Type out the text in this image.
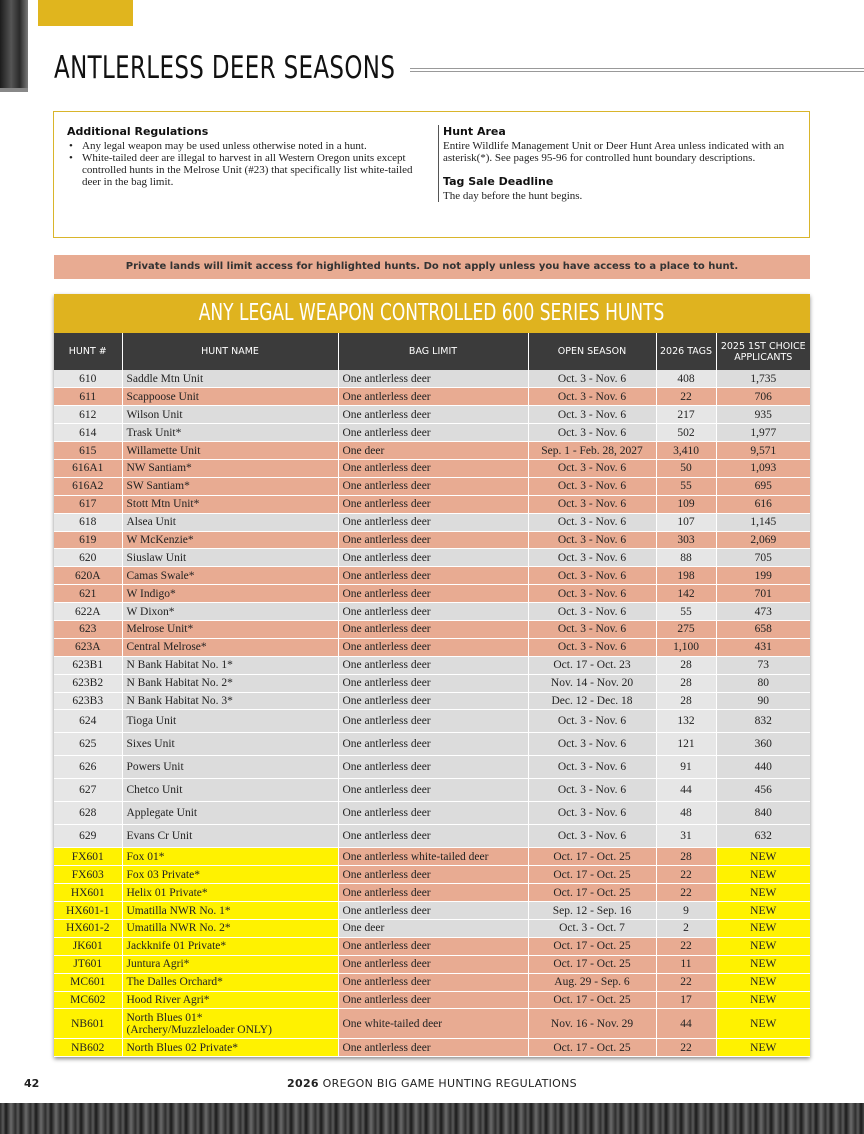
ANTLERLESS DEER SEASONS
Additional Regulations
• Any legal weapon may be used unless otherwise noted in a hunt.
• White-tailed deer are illegal to harvest in all Western Oregon units except controlled hunts in the Melrose Unit (#23) that specifically list white-tailed deer in the bag limit.
Hunt Area
Entire Wildlife Management Unit or Deer Hunt Area unless indicated with an asterisk(*). See pages 95-96 for controlled hunt boundary descriptions.
Tag Sale Deadline
The day before the hunt begins.
Private lands will limit access for highlighted hunts. Do not apply unless you have access to a place to hunt.
ANY LEGAL WEAPON CONTROLLED 600 SERIES HUNTS
HUNT #	HUNT NAME	BAG LIMIT	OPEN SEASON	2026 TAGS	2025 1ST CHOICE APPLICANTS
610	Saddle Mtn Unit	One antlerless deer	Oct. 3 - Nov. 6	408	1,735
611	Scappoose Unit	One antlerless deer	Oct. 3 - Nov. 6	22	706
612	Wilson Unit	One antlerless deer	Oct. 3 - Nov. 6	217	935
614	Trask Unit*	One antlerless deer	Oct. 3 - Nov. 6	502	1,977
615	Willamette Unit	One deer	Sep. 1 - Feb. 28, 2027	3,410	9,571
616A1	NW Santiam*	One antlerless deer	Oct. 3 - Nov. 6	50	1,093
616A2	SW Santiam*	One antlerless deer	Oct. 3 - Nov. 6	55	695
617	Stott Mtn Unit*	One antlerless deer	Oct. 3 - Nov. 6	109	616
618	Alsea Unit	One antlerless deer	Oct. 3 - Nov. 6	107	1,145
619	W McKenzie*	One antlerless deer	Oct. 3 - Nov. 6	303	2,069
620	Siuslaw Unit	One antlerless deer	Oct. 3 - Nov. 6	88	705
620A	Camas Swale*	One antlerless deer	Oct. 3 - Nov. 6	198	199
621	W Indigo*	One antlerless deer	Oct. 3 - Nov. 6	142	701
622A	W Dixon*	One antlerless deer	Oct. 3 - Nov. 6	55	473
623	Melrose Unit*	One antlerless deer	Oct. 3 - Nov. 6	275	658
623A	Central Melrose*	One antlerless deer	Oct. 3 - Nov. 6	1,100	431
623B1	N Bank Habitat No. 1*	One antlerless deer	Oct. 17 - Oct. 23	28	73
623B2	N Bank Habitat No. 2*	One antlerless deer	Nov. 14 - Nov. 20	28	80
623B3	N Bank Habitat No. 3*	One antlerless deer	Dec. 12 - Dec. 18	28	90
624	Tioga Unit	One antlerless deer	Oct. 3 - Nov. 6	132	832
625	Sixes Unit	One antlerless deer	Oct. 3 - Nov. 6	121	360
626	Powers Unit	One antlerless deer	Oct. 3 - Nov. 6	91	440
627	Chetco Unit	One antlerless deer	Oct. 3 - Nov. 6	44	456
628	Applegate Unit	One antlerless deer	Oct. 3 - Nov. 6	48	840
629	Evans Cr Unit	One antlerless deer	Oct. 3 - Nov. 6	31	632
FX601	Fox 01*	One antlerless white-tailed deer	Oct. 17 - Oct. 25	28	NEW
FX603	Fox 03 Private*	One antlerless deer	Oct. 17 - Oct. 25	22	NEW
HX601	Helix 01 Private*	One antlerless deer	Oct. 17 - Oct. 25	22	NEW
HX601-1	Umatilla NWR No. 1*	One antlerless deer	Sep. 12 - Sep. 16	9	NEW
HX601-2	Umatilla NWR No. 2*	One deer	Oct. 3 - Oct. 7	2	NEW
JK601	Jackknife 01 Private*	One antlerless deer	Oct. 17 - Oct. 25	22	NEW
JT601	Juntura Agri*	One antlerless deer	Oct. 17 - Oct. 25	11	NEW
MC601	The Dalles Orchard*	One antlerless deer	Aug. 29 - Sep. 6	22	NEW
MC602	Hood River Agri*	One antlerless deer	Oct. 17 - Oct. 25	17	NEW
NB601	North Blues 01*
(Archery/Muzzleloader ONLY)	One white-tailed deer	Nov. 16 - Nov. 29	44	NEW
NB602	North Blues 02 Private*	One antlerless deer	Oct. 17 - Oct. 25	22	NEW
42	2026 OREGON BIG GAME HUNTING REGULATIONS
